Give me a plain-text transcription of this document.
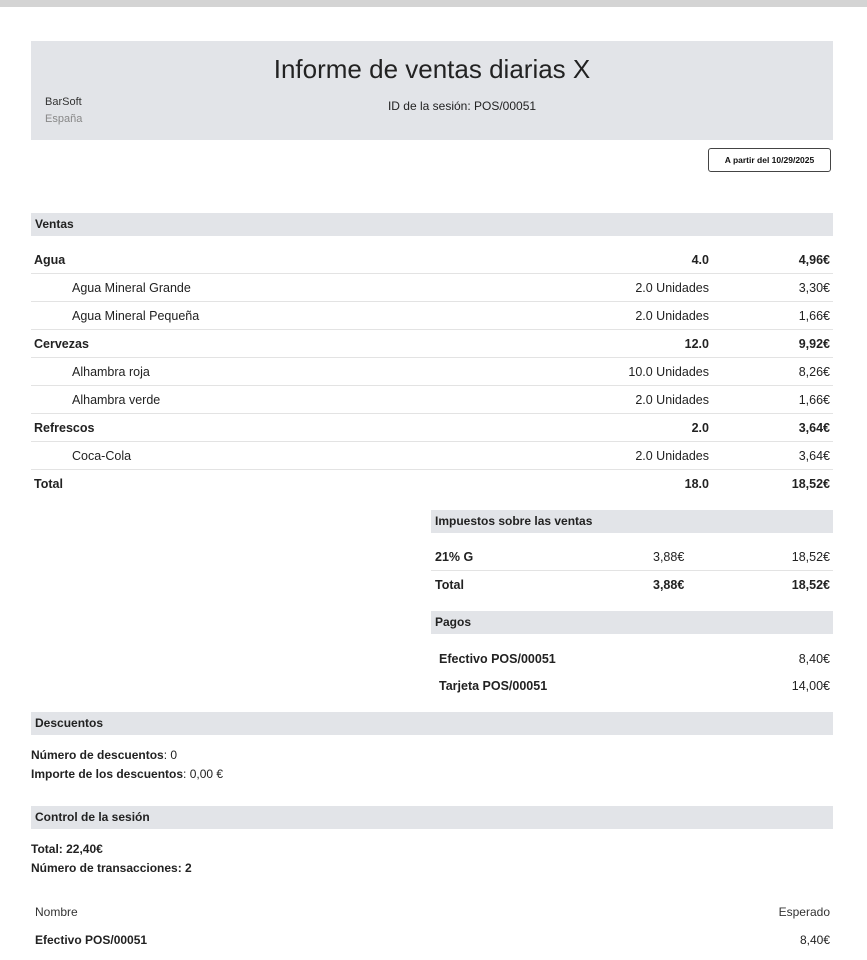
Informe de ventas diarias X
ID de la sesión: POS/00051
BarSoft
España
A partir del 10/29/2025
Ventas
Agua	4.0	4,96€
Agua Mineral Grande	2.0 Unidades	3,30€
Agua Mineral Pequeña	2.0 Unidades	1,66€
Cervezas	12.0	9,92€
Alhambra roja	10.0 Unidades	8,26€
Alhambra verde	2.0 Unidades	1,66€
Refrescos	2.0	3,64€
Coca-Cola	2.0 Unidades	3,64€
Total	18.0	18,52€
Impuestos sobre las ventas
21% G	3,88€	18,52€
Total	3,88€	18,52€
Pagos
Efectivo POS/00051	8,40€
Tarjeta POS/00051	14,00€
Descuentos
Número de descuentos: 0
Importe de los descuentos: 0,00 €
Control de la sesión
Total: 22,40€
Número de transacciones: 2
Nombre	Esperado
Efectivo POS/00051	8,40€
